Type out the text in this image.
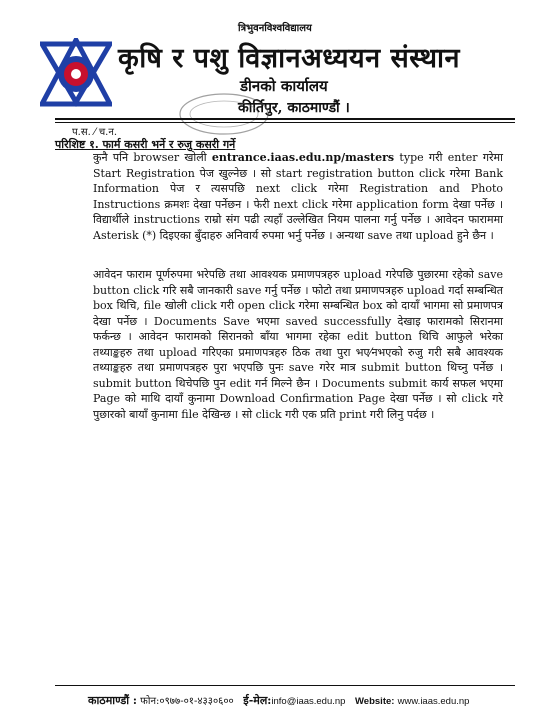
त्रिभुवनविश्वविद्यालय
कृषि र पशु विज्ञानअध्ययन संस्थान
डीनको कार्यालय
कीर्तिपुर, काठमाण्डौं ।
प.स. ⁄ च.न.
परिशिष्ट १. फार्म कसरी भर्ने र रुजु कसरी गर्ने

कुनै पनि browser खोली entrance.iaas.edu.np/masters type गरी enter गरेमा Start Registration पेज खुल्नेछ । सो start registration button click गरेमा Bank Information पेज र त्यसपछि next click गरेमा Registration and Photo Instructions क्रमशः देखा पर्नेछन । फेरी next click गरेमा application form देखा पर्नेछ । विद्यार्थीले instructions राम्रो संग पढी त्यहाँ उल्लेखित नियम पालना गर्नु पर्नेछ । आवेदन फाराममा Asterisk (*) दिइएका बुँदाहरु अनिवार्य रुपमा भर्नु पर्नेछ । अन्यथा save तथा upload हुने छैन ।

आवेदन फाराम पूर्णरुपमा भरेपछि तथा आवश्यक प्रमाणपत्रहरु upload गरेपछि पुछारमा रहेको save button click गरि सबै जानकारी save गर्नु पर्नेछ । फोटो तथा प्रमाणपत्रहरु upload गर्दा सम्बन्धित box थिचि, file खोली click गरी open click गरेमा सम्बन्धित box को दायाँ भागमा सो प्रमाणपत्र देखा पर्नेछ । Documents Save भएमा saved successfully देखाइ फारामको सिरानमा फर्कन्छ । आवेदन फारामको सिरानको बाँया भागमा रहेका edit button थिचि आफुले भरेका तथ्याङ्कहरु तथा upload गरिएका प्रमाणपत्रहरु ठिक तथा पुरा भए⁄नभएको रुजु गरी सबै आवश्यक तथ्याङ्कहरु तथा प्रमाणपत्रहरु पुरा भएपछि पुनः save गरेर मात्र submit button थिच्नु पर्नेछ । submit button थिचेपछि पुन edit गर्न मिल्ने छैन । Documents submit कार्य सफल भएमा Page को माथि दायाँ कुनामा Download Confirmation Page देखा पर्नेछ । सो click गरे पुछारको बायाँ कुनामा file देखिन्छ । सो click गरी एक प्रति print गरी लिनु पर्दछ ।

काठमाण्डौं : फोन:०९७७-०१-४३३०६०० ई-मेल:info@iaas.edu.np Website: www.iaas.edu.np
